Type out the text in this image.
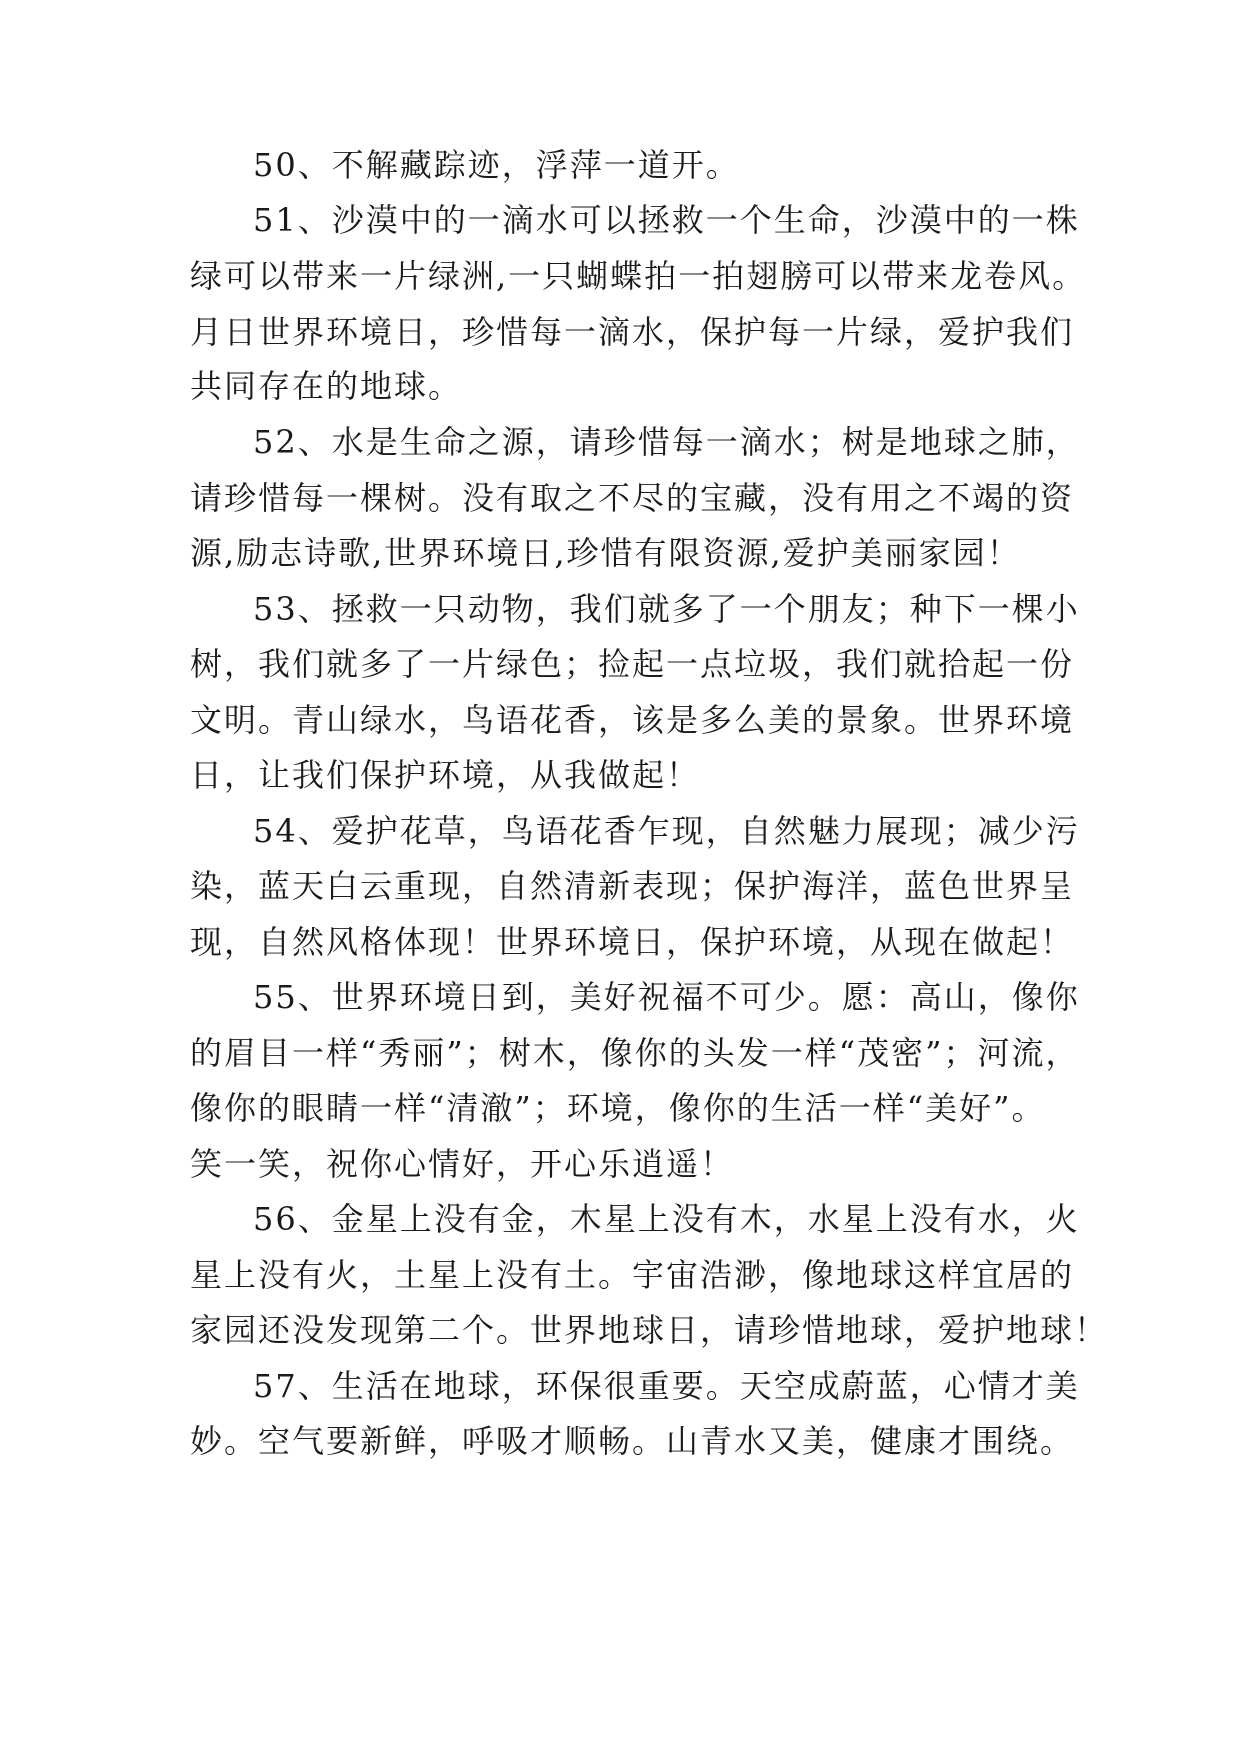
50、不解藏踪迹，浮萍一道开。
51、沙漠中的一滴水可以拯救一个生命，沙漠中的一株
绿可以带来一片绿洲,一只蝴蝶拍一拍翅膀可以带来龙卷风。
月日世界环境日，珍惜每一滴水，保护每一片绿，爱护我们
共同存在的地球。
52、水是生命之源，请珍惜每一滴水；树是地球之肺，
请珍惜每一棵树。没有取之不尽的宝藏，没有用之不竭的资
源,励志诗歌,世界环境日,珍惜有限资源,爱护美丽家园！
53、拯救一只动物，我们就多了一个朋友；种下一棵小
树，我们就多了一片绿色；捡起一点垃圾，我们就拾起一份
文明。青山绿水，鸟语花香，该是多么美的景象。世界环境
日，让我们保护环境，从我做起！
54、爱护花草，鸟语花香乍现，自然魅力展现；减少污
染，蓝天白云重现，自然清新表现；保护海洋，蓝色世界呈
现，自然风格体现！世界环境日，保护环境，从现在做起！
55、世界环境日到，美好祝福不可少。愿：高山，像你
的眉目一样“秀丽”；树木，像你的头发一样“茂密”；河流，
像你的眼睛一样“清澈”；环境，像你的生活一样“美好”。
笑一笑，祝你心情好，开心乐逍遥！
56、金星上没有金，木星上没有木，水星上没有水，火
星上没有火，土星上没有土。宇宙浩渺，像地球这样宜居的
家园还没发现第二个。世界地球日，请珍惜地球，爱护地球！
57、生活在地球，环保很重要。天空成蔚蓝，心情才美
妙。空气要新鲜，呼吸才顺畅。山青水又美，健康才围绕。
